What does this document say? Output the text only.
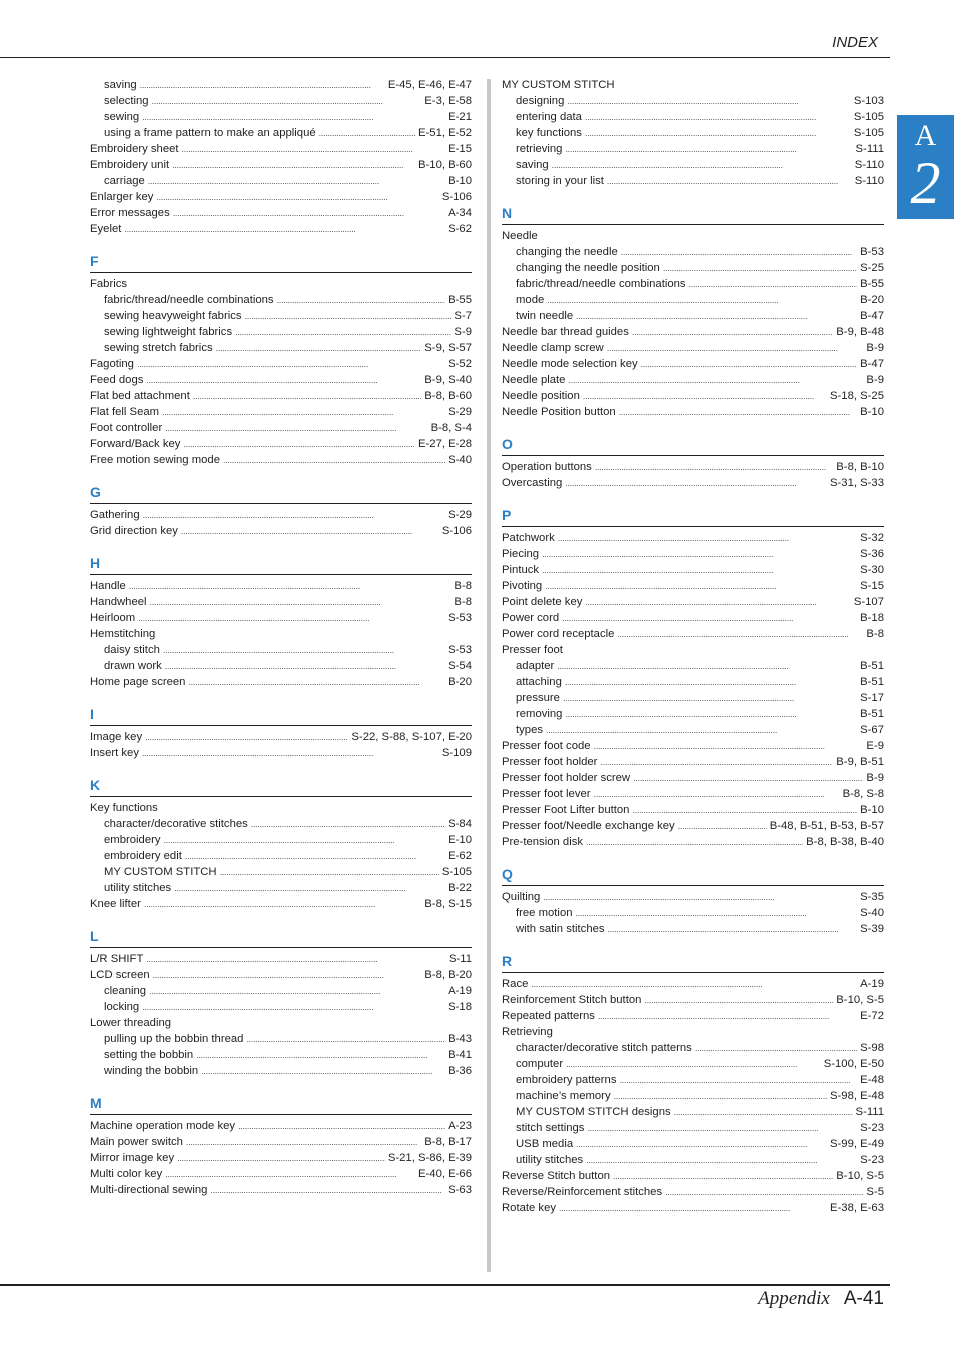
INDEX
A
2
saving . . .	E-45, E-46, E-47
selecting . . .	E-3, E-58
sewing . . .	E-21
using a frame pattern to make an appliqué . . .	E-51, E-52
Embroidery sheet . . .	E-15
Embroidery unit . . .	B-10, B-60
carriage . . .	B-10
Enlarger key . . .	S-106
Error messages . . .	A-34
Eyelet . . .	S-62
F
Fabrics
fabric/thread/needle combinations . . .	B-55
sewing heavyweight fabrics . . .	S-7
sewing lightweight fabrics . . .	S-9
sewing stretch fabrics . . .	S-9, S-57
Fagoting . . .	S-52
Feed dogs . . .	B-9, S-40
Flat bed attachment . . .	B-8, B-60
Flat fell Seam . . .	S-29
Foot controller . . .	B-8, S-4
Forward/Back key . . .	E-27, E-28
Free motion sewing mode . . .	S-40
G
Gathering . . .	S-29
Grid direction key . . .	S-106
H
Handle . . .	B-8
Handwheel . . .	B-8
Heirloom . . .	S-53
Hemstitching
daisy stitch . . .	S-53
drawn work . . .	S-54
Home page screen . . .	B-20
I
Image key . . .	S-22, S-88, S-107, E-20
Insert key . . .	S-109
K
Key functions
character/decorative stitches . . .	S-84
embroidery . . .	E-10
embroidery edit . . .	E-62
MY CUSTOM STITCH . . .	S-105
utility stitches . . .	B-22
Knee lifter . . .	B-8, S-15
L
L/R SHIFT . . .	S-11
LCD screen . . .	B-8, B-20
cleaning . . .	A-19
locking . . .	S-18
Lower threading
pulling up the bobbin thread . . .	B-43
setting the bobbin . . .	B-41
winding the bobbin . . .	B-36
M
Machine operation mode key . . .	A-23
Main power switch . . .	B-8, B-17
Mirror image key . . .	S-21, S-86, E-39
Multi color key . . .	E-40, E-66
Multi-directional sewing . . .	S-63
MY CUSTOM STITCH
designing . . .	S-103
entering data . . .	S-105
key functions . . .	S-105
retrieving . . .	S-111
saving . . .	S-110
storing in your list . . .	S-110
N
Needle
changing the needle . . .	B-53
changing the needle position . . .	S-25
fabric/thread/needle combinations . . .	B-55
mode . . .	B-20
twin needle . . .	B-47
Needle bar thread guides . . .	B-9, B-48
Needle clamp screw . . .	B-9
Needle mode selection key . . .	B-47
Needle plate . . .	B-9
Needle position . . .	S-18, S-25
Needle Position button . . .	B-10
O
Operation buttons . . .	B-8, B-10
Overcasting . . .	S-31, S-33
P
Patchwork . . .	S-32
Piecing . . .	S-36
Pintuck . . .	S-30
Pivoting . . .	S-15
Point delete key . . .	S-107
Power cord . . .	B-18
Power cord receptacle . . .	B-8
Presser foot
adapter . . .	B-51
attaching . . .	B-51
pressure . . .	S-17
removing . . .	B-51
types . . .	S-67
Presser foot code . . .	E-9
Presser foot holder . . .	B-9, B-51
Presser foot holder screw . . .	B-9
Presser foot lever . . .	B-8, S-8
Presser Foot Lifter button . . .	B-10
Presser foot/Needle exchange key . . .	B-48, B-51, B-53, B-57
Pre-tension disk . . .	B-8, B-38, B-40
Q
Quilting . . .	S-35
free motion . . .	S-40
with satin stitches . . .	S-39
R
Race . . .	A-19
Reinforcement Stitch button . . .	B-10, S-5
Repeated patterns . . .	E-72
Retrieving
character/decorative stitch patterns . . .	S-98
computer . . .	S-100, E-50
embroidery patterns . . .	E-48
machine’s memory . . .	S-98, E-48
MY CUSTOM STITCH designs . . .	S-111
stitch settings . . .	S-23
USB media . . .	S-99, E-49
utility stitches . . .	S-23
Reverse Stitch button . . .	B-10, S-5
Reverse/Reinforcement stitches . . .	S-5
Rotate key . . .	E-38, E-63
Appendix A-41
